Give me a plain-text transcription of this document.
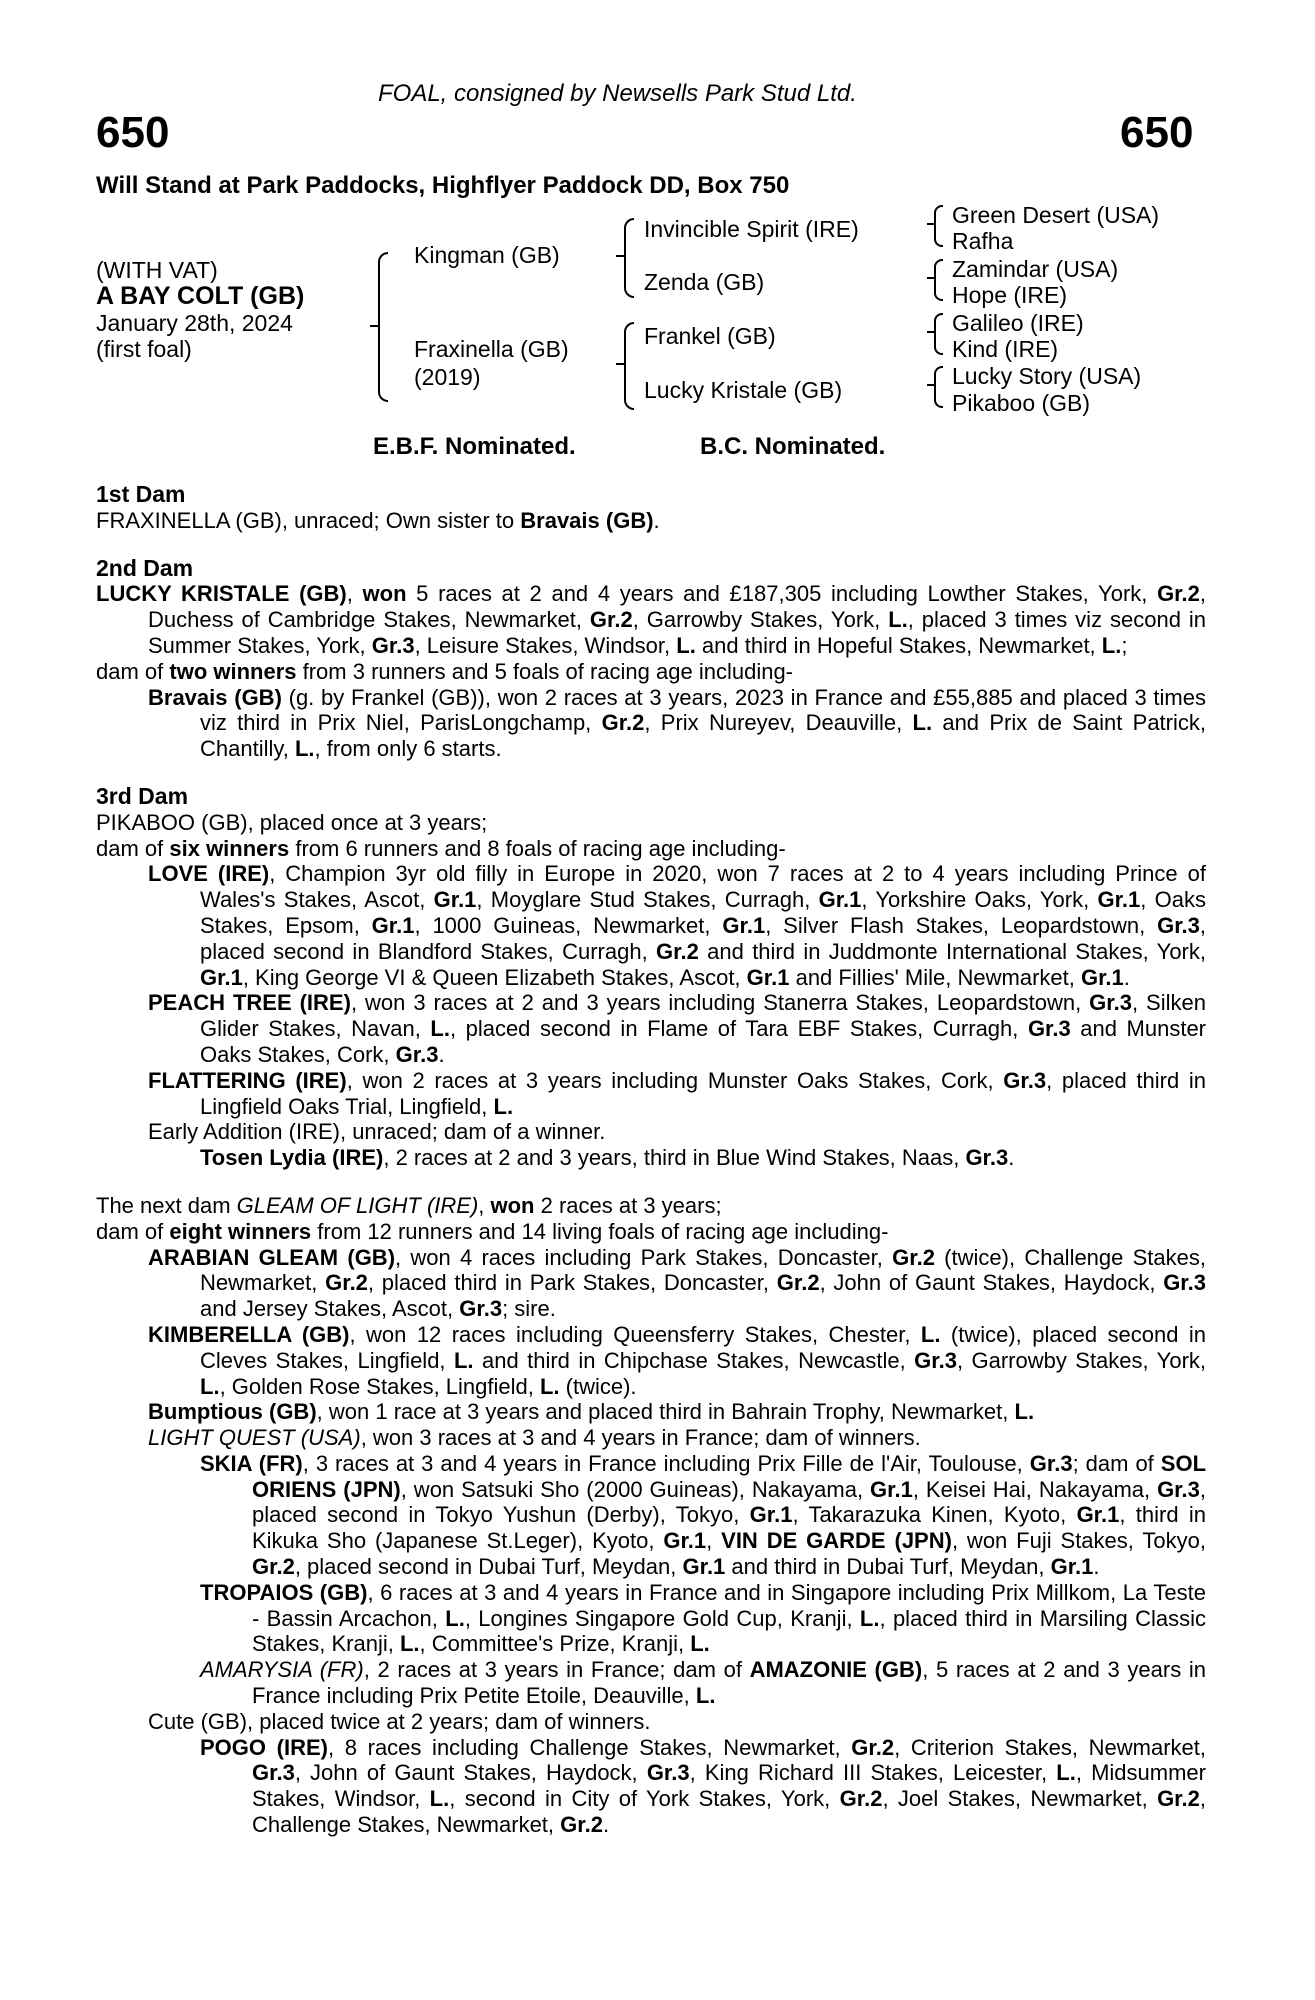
FOAL, consigned by Newsells Park Stud Ltd.
650	650
Will Stand at Park Paddocks, Highflyer Paddock DD, Box 750
(WITH VAT)
A BAY COLT (GB)
January 28th, 2024
(first foal)
Kingman (GB)
Fraxinella (GB)
(2019)
Invincible Spirit (IRE)
Zenda (GB)
Frankel (GB)
Lucky Kristale (GB)
Green Desert (USA)
Rafha
Zamindar (USA)
Hope (IRE)
Galileo (IRE)
Kind (IRE)
Lucky Story (USA)
Pikaboo (GB)
E.B.F. Nominated.	B.C. Nominated.
1st Dam
FRAXINELLA (GB), unraced; Own sister to Bravais (GB).
2nd Dam
LUCKY KRISTALE (GB), won 5 races at 2 and 4 years and £187,305 including Lowther Stakes, York, Gr.2, Duchess of Cambridge Stakes, Newmarket, Gr.2, Garrowby Stakes, York, L., placed 3 times viz second in Summer Stakes, York, Gr.3, Leisure Stakes, Windsor, L. and third in Hopeful Stakes, Newmarket, L.;
dam of two winners from 3 runners and 5 foals of racing age including-
Bravais (GB) (g. by Frankel (GB)), won 2 races at 3 years, 2023 in France and £55,885 and placed 3 times viz third in Prix Niel, ParisLongchamp, Gr.2, Prix Nureyev, Deauville, L. and Prix de Saint Patrick, Chantilly, L., from only 6 starts.
3rd Dam
PIKABOO (GB), placed once at 3 years;
dam of six winners from 6 runners and 8 foals of racing age including-
LOVE (IRE), Champion 3yr old filly in Europe in 2020, won 7 races at 2 to 4 years including Prince of Wales's Stakes, Ascot, Gr.1, Moyglare Stud Stakes, Curragh, Gr.1, Yorkshire Oaks, York, Gr.1, Oaks Stakes, Epsom, Gr.1, 1000 Guineas, Newmarket, Gr.1, Silver Flash Stakes, Leopardstown, Gr.3, placed second in Blandford Stakes, Curragh, Gr.2 and third in Juddmonte International Stakes, York, Gr.1, King George VI & Queen Elizabeth Stakes, Ascot, Gr.1 and Fillies' Mile, Newmarket, Gr.1.
PEACH TREE (IRE), won 3 races at 2 and 3 years including Stanerra Stakes, Leopardstown, Gr.3, Silken Glider Stakes, Navan, L., placed second in Flame of Tara EBF Stakes, Curragh, Gr.3 and Munster Oaks Stakes, Cork, Gr.3.
FLATTERING (IRE), won 2 races at 3 years including Munster Oaks Stakes, Cork, Gr.3, placed third in Lingfield Oaks Trial, Lingfield, L.
Early Addition (IRE), unraced; dam of a winner.
Tosen Lydia (IRE), 2 races at 2 and 3 years, third in Blue Wind Stakes, Naas, Gr.3.
The next dam GLEAM OF LIGHT (IRE), won 2 races at 3 years;
dam of eight winners from 12 runners and 14 living foals of racing age including-
ARABIAN GLEAM (GB), won 4 races including Park Stakes, Doncaster, Gr.2 (twice), Challenge Stakes, Newmarket, Gr.2, placed third in Park Stakes, Doncaster, Gr.2, John of Gaunt Stakes, Haydock, Gr.3 and Jersey Stakes, Ascot, Gr.3; sire.
KIMBERELLA (GB), won 12 races including Queensferry Stakes, Chester, L. (twice), placed second in Cleves Stakes, Lingfield, L. and third in Chipchase Stakes, Newcastle, Gr.3, Garrowby Stakes, York, L., Golden Rose Stakes, Lingfield, L. (twice).
Bumptious (GB), won 1 race at 3 years and placed third in Bahrain Trophy, Newmarket, L.
LIGHT QUEST (USA), won 3 races at 3 and 4 years in France; dam of winners.
SKIA (FR), 3 races at 3 and 4 years in France including Prix Fille de l'Air, Toulouse, Gr.3; dam of SOL ORIENS (JPN), won Satsuki Sho (2000 Guineas), Nakayama, Gr.1, Keisei Hai, Nakayama, Gr.3, placed second in Tokyo Yushun (Derby), Tokyo, Gr.1, Takarazuka Kinen, Kyoto, Gr.1, third in Kikuka Sho (Japanese St.Leger), Kyoto, Gr.1, VIN DE GARDE (JPN), won Fuji Stakes, Tokyo, Gr.2, placed second in Dubai Turf, Meydan, Gr.1 and third in Dubai Turf, Meydan, Gr.1.
TROPAIOS (GB), 6 races at 3 and 4 years in France and in Singapore including Prix Millkom, La Teste - Bassin Arcachon, L., Longines Singapore Gold Cup, Kranji, L., placed third in Marsiling Classic Stakes, Kranji, L., Committee's Prize, Kranji, L.
AMARYSIA (FR), 2 races at 3 years in France; dam of AMAZONIE (GB), 5 races at 2 and 3 years in France including Prix Petite Etoile, Deauville, L.
Cute (GB), placed twice at 2 years; dam of winners.
POGO (IRE), 8 races including Challenge Stakes, Newmarket, Gr.2, Criterion Stakes, Newmarket, Gr.3, John of Gaunt Stakes, Haydock, Gr.3, King Richard III Stakes, Leicester, L., Midsummer Stakes, Windsor, L., second in City of York Stakes, York, Gr.2, Joel Stakes, Newmarket, Gr.2, Challenge Stakes, Newmarket, Gr.2.
